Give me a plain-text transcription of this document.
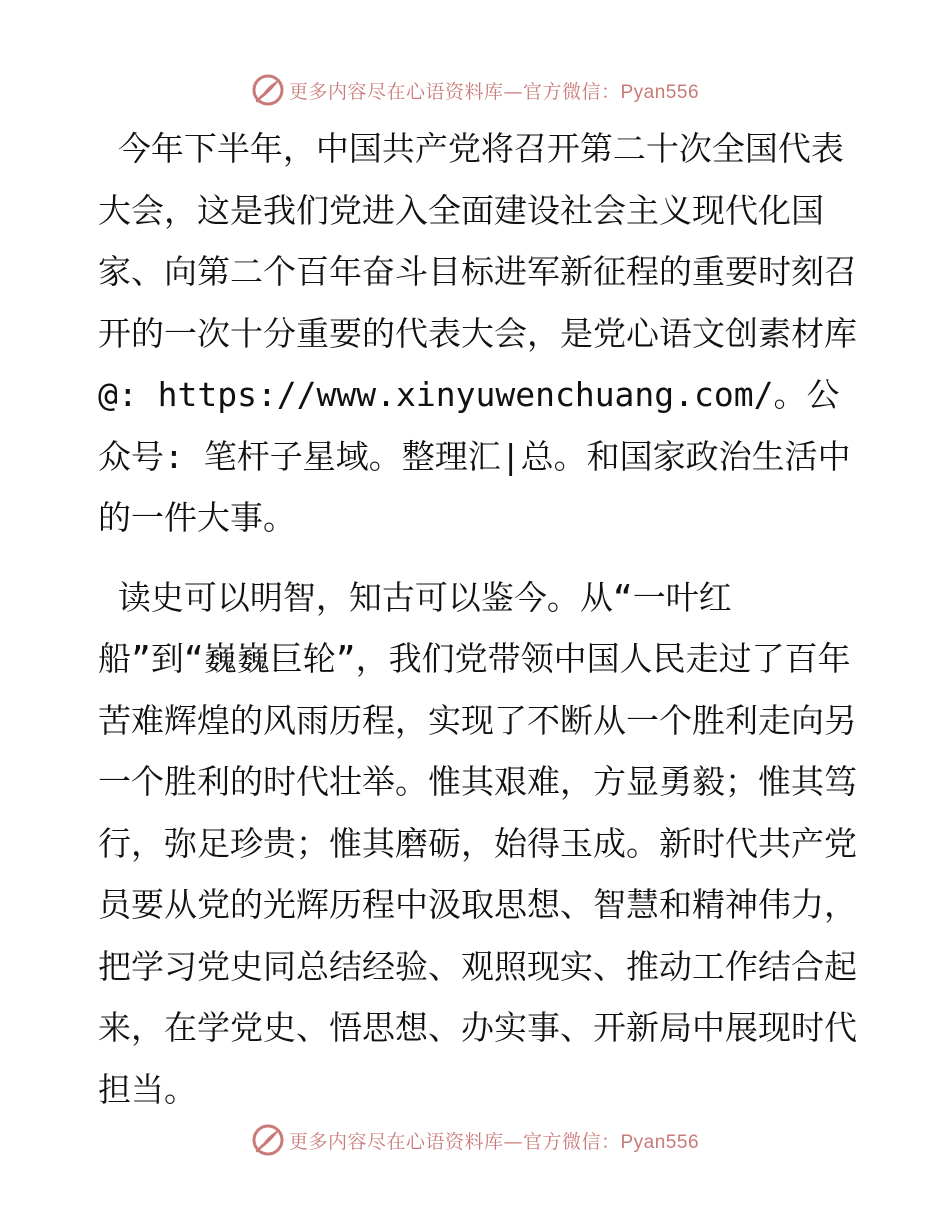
更多内容尽在心语资料库—官方微信：Pyan556

今年下半年，中国共产党将召开第二十次全国代表大会，这是我们党进入全面建设社会主义现代化国家、向第二个百年奋斗目标进军新征程的重要时刻召开的一次十分重要的代表大会，是党心语文创素材库@: https://www.xinyuwenchuang.com/。公众号: 笔杆子星域。整理汇|总。和国家政治生活中的一件大事。

读史可以明智，知古可以鉴今。从“一叶红
船”到“巍巍巨轮”，我们党带领中国人民走过了百年苦难辉煌的风雨历程，实现了不断从一个胜利走向另一个胜利的时代壮举。惟其艰难，方显勇毅；惟其笃行，弥足珍贵；惟其磨砺，始得玉成。新时代共产党员要从党的光辉历程中汲取思想、智慧和精神伟力，把学习党史同总结经验、观照现实、推动工作结合起来，在学党史、悟思想、办实事、开新局中展现时代担当。

更多内容尽在心语资料库—官方微信：Pyan556
